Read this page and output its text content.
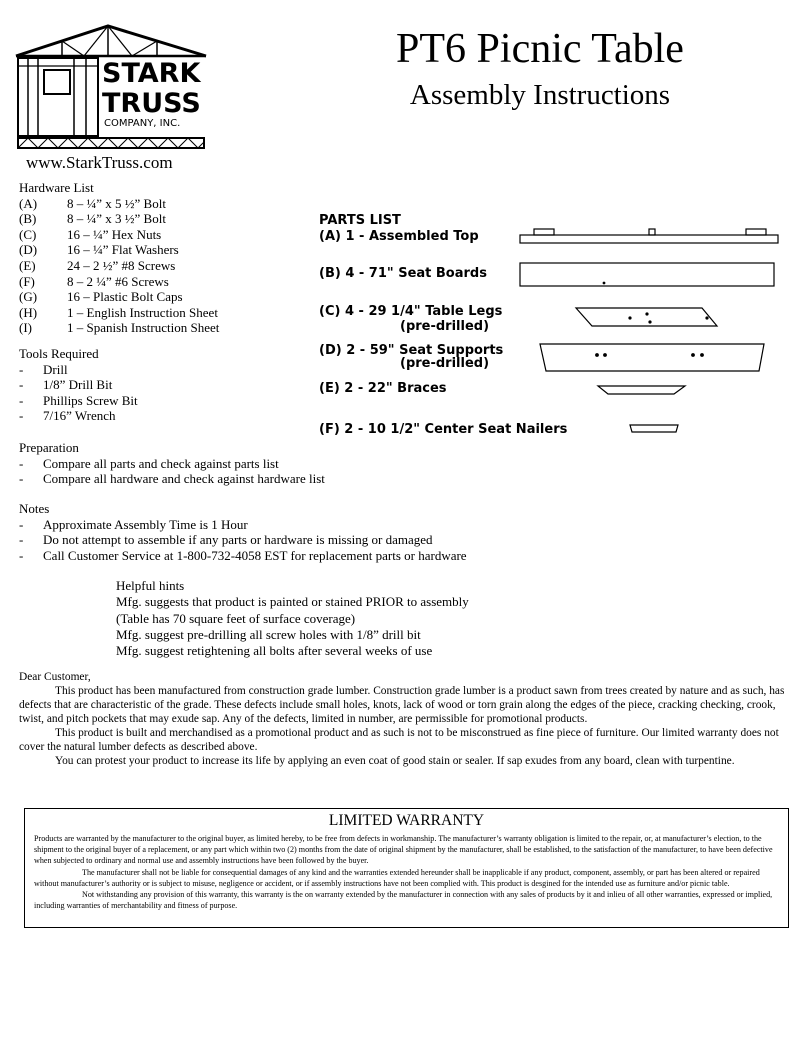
STARK
TRUSS
COMPANY, INC.
www.StarkTruss.com
PT6 Picnic Table
Assembly Instructions
Hardware List
(A)	8 – ¼” x 5 ½” Bolt
(B)	8 – ¼” x 3 ½” Bolt
(C)	16 – ¼” Hex Nuts
(D)	16 – ¼” Flat Washers
(E)	24 – 2 ½” #8 Screws
(F)	8 – 2 ¼” #6 Screws
(G)	16 – Plastic Bolt Caps
(H)	1 – English Instruction Sheet
(I)	1 – Spanish Instruction Sheet
Tools Required
-	Drill
-	1/8” Drill Bit
-	Phillips Screw Bit
-	7/16” Wrench
Preparation
-	Compare all parts and check against parts list
-	Compare all hardware and check against hardware list
Notes
-	Approximate Assembly Time is 1 Hour
-	Do not attempt to assemble if any parts or hardware is missing or damaged
-	Call Customer Service at 1-800-732-4058 EST for replacement parts or hardware
Helpful hints
Mfg. suggests that product is painted or stained PRIOR to assembly
(Table has 70 square feet of surface coverage)
Mfg. suggest pre-drilling all screw holes with 1/8” drill bit
Mfg. suggest retightening all bolts after several weeks of use
PARTS LIST
(A) 1 - Assembled Top
(B) 4 - 71" Seat Boards
(C) 4 - 29 1/4" Table Legs
(pre-drilled)
(D) 2 - 59" Seat Supports
(pre-drilled)
(E) 2 - 22" Braces
(F) 2 - 10 1/2" Center Seat Nailers

Dear Customer,

This product has been manufactured from construction grade lumber. Construction grade lumber is a product sawn from trees created by nature and as such, has defects that are characteristic of the grade. These defects include small holes, knots, lack of wood or torn grain along the edges of the piece, cracking checking, crook, twist, and pitch pockets that may exude sap. Any of the defects, limited in number, are permissible for promotional products.

This product is built and merchandised as a promotional product and as such is not to be misconstrued as fine piece of furniture. Our limited warranty does not cover the natural lumber defects as described above.

You can protest your product to increase its life by applying an even coat of good stain or sealer. If sap exudes from any board, clean with turpentine.

LIMITED WARRANTY

Products are warranted by the manufacturer to the original buyer, as limited hereby, to be free from defects in workmanship. The manufacturer’s warranty obligation is limited to the repair, or, at manufacturer’s election, to the shipment to the original buyer of a replacement, or any part which within two (2) months from the date of original shipment by the manufacturer, shall be established, to the satisfaction of the manufacturer, to have been defective when subjected to ordinary and normal use and assembly instructions have been followed by the buyer.

The manufacturer shall not be liable for consequential damages of any kind and the warranties extended hereunder shall be inapplicable if any product, component, assembly, or part has been altered or repaired without manufacturer’s authority or is subject to misuse, negligence or accident, or if assembly instructions have not been complied with. This product is desgined for the intended use as furniture and/or picnic table.

Not withstanding any provision of this warranty, this warranty is the on warranty extended by the manufacturer in connection with any sales of products by it and inlieu of all other warranties, expressed or implied, including warranties of merchantability and fitness of purpose.
